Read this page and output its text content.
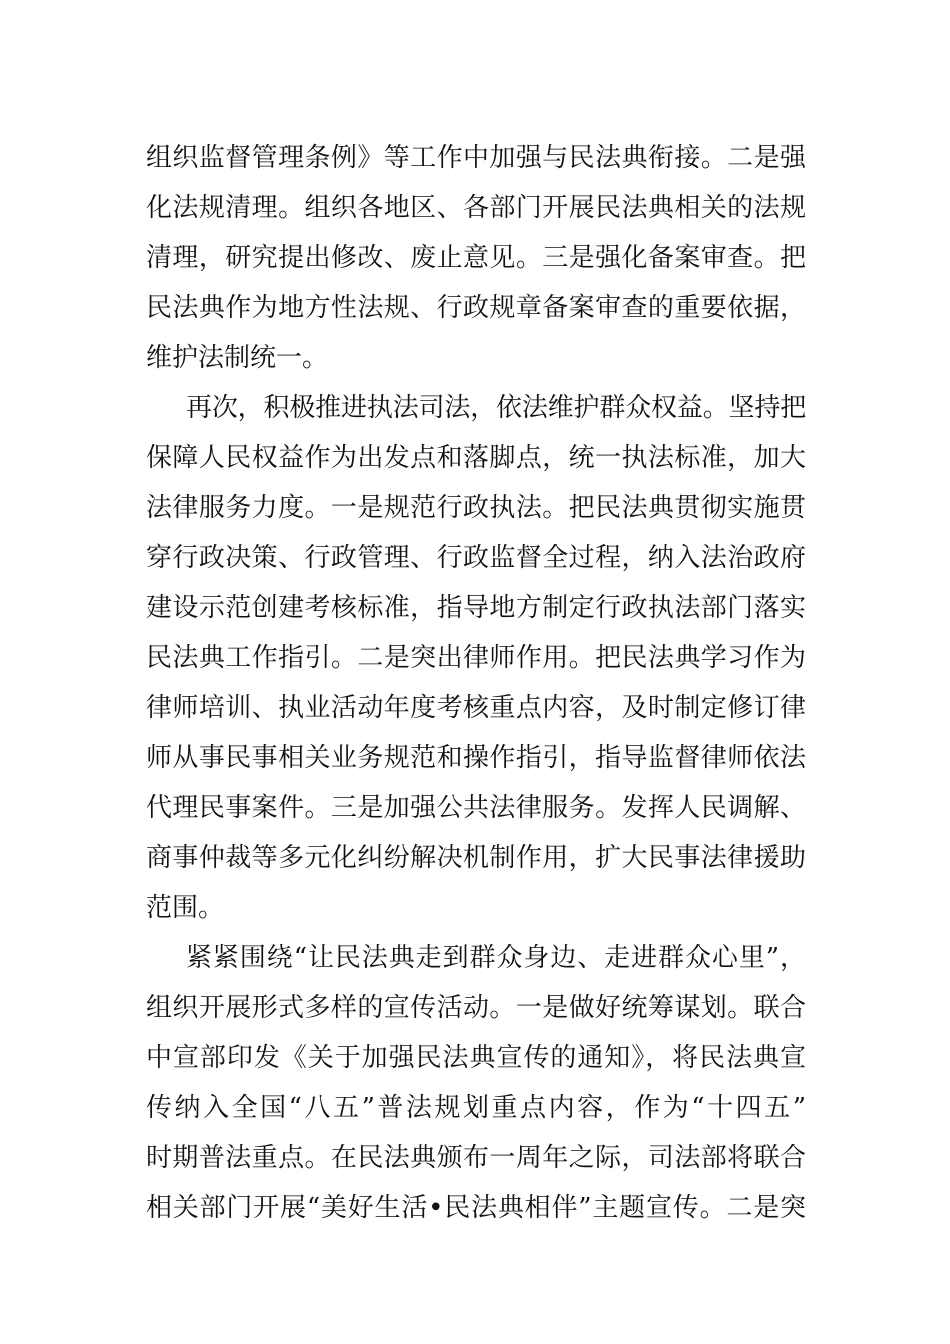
组织监督管理条例》等工作中加强与民法典衔接。二是强
化法规清理。组织各地区、各部门开展民法典相关的法规
清理，研究提出修改、废止意见。三是强化备案审查。把
民法典作为地方性法规、行政规章备案审查的重要依据，
维护法制统一。
再次，积极推进执法司法，依法维护群众权益。坚持把
保障人民权益作为出发点和落脚点，统一执法标准，加大
法律服务力度。一是规范行政执法。把民法典贯彻实施贯
穿行政决策、行政管理、行政监督全过程，纳入法治政府
建设示范创建考核标准，指导地方制定行政执法部门落实
民法典工作指引。二是突出律师作用。把民法典学习作为
律师培训、执业活动年度考核重点内容，及时制定修订律
师从事民事相关业务规范和操作指引，指导监督律师依法
代理民事案件。三是加强公共法律服务。发挥人民调解、
商事仲裁等多元化纠纷解决机制作用，扩大民事法律援助
范围。
紧紧围绕“让民法典走到群众身边、走进群众心里”，
组织开展形式多样的宣传活动。一是做好统筹谋划。联合
中宣部印发《关于加强民法典宣传的通知》，将民法典宣
传纳入全国“八五”普法规划重点内容，作为“十四五”
时期普法重点。在民法典颁布一周年之际，司法部将联合
相关部门开展“美好生活•民法典相伴”主题宣传。二是突
